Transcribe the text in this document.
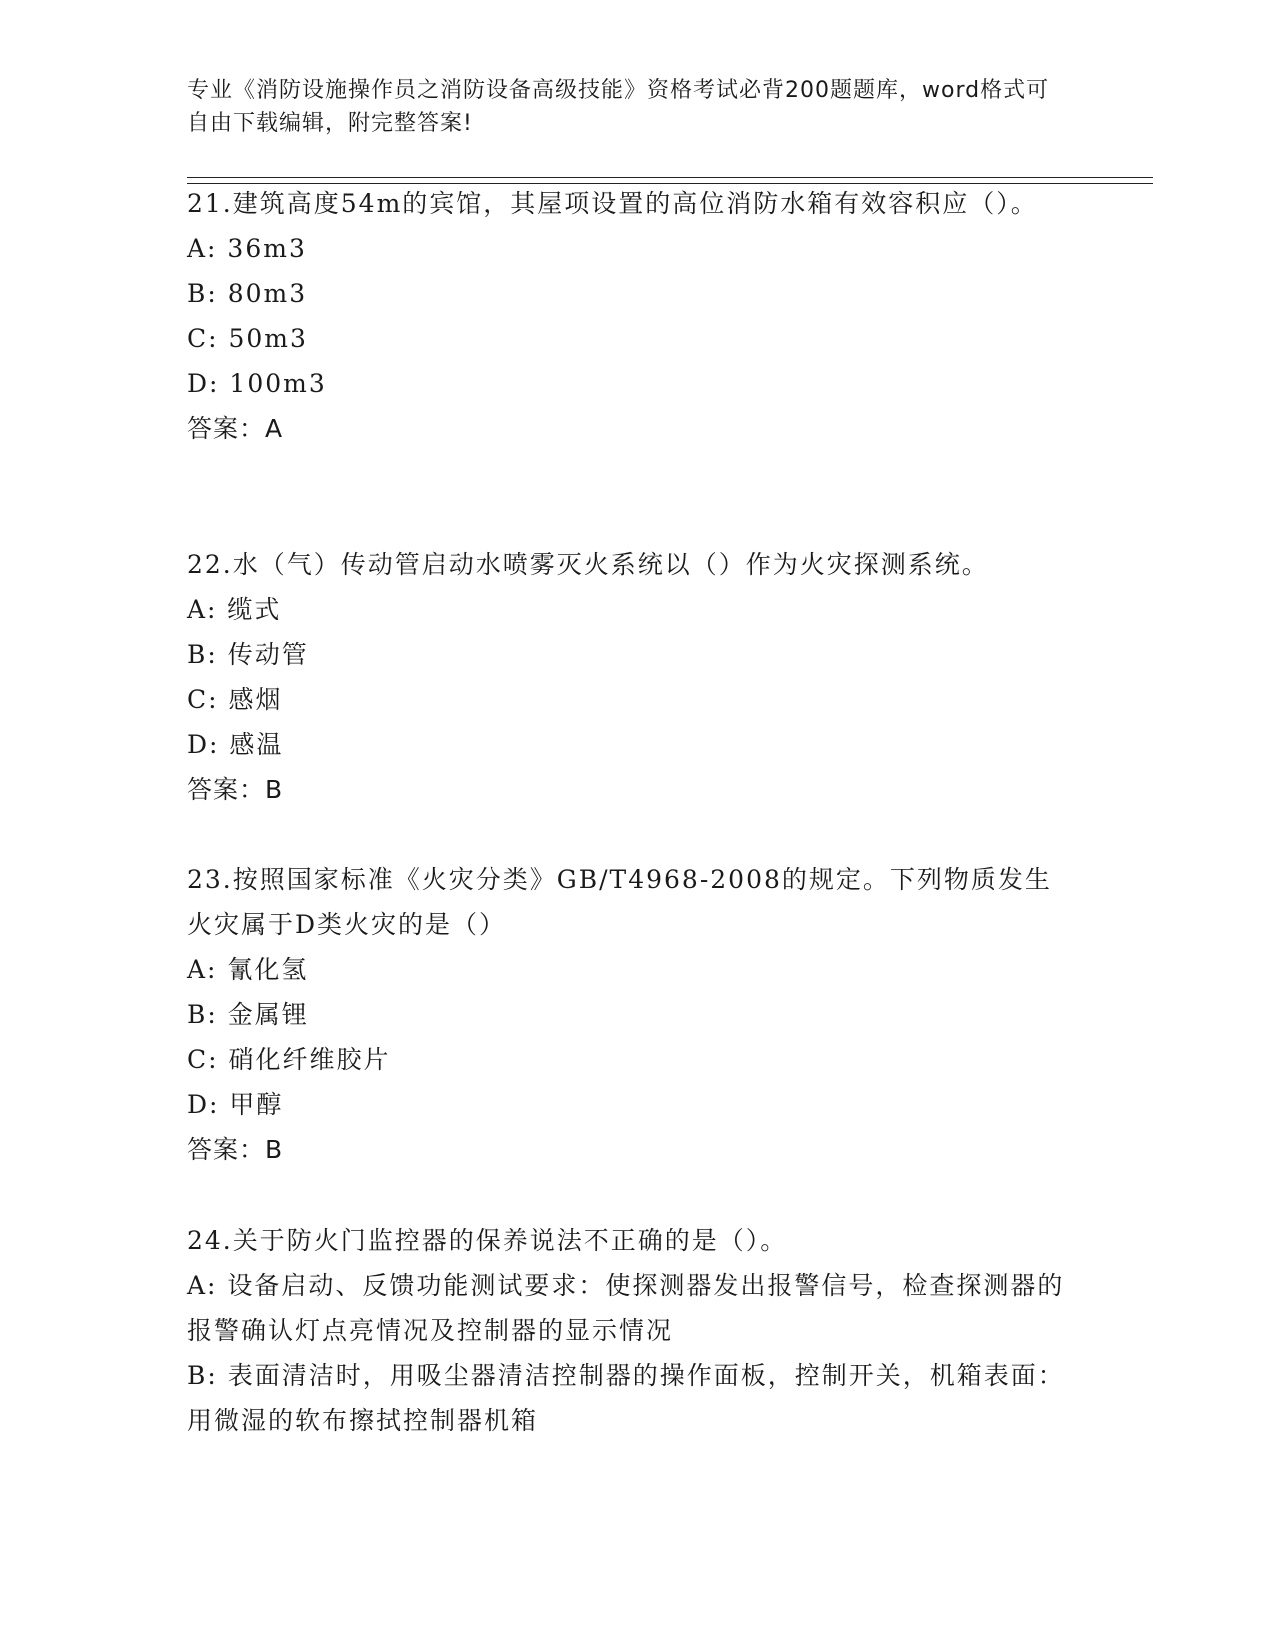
专业《消防设施操作员之消防设备高级技能》资格考试必背200题题库，word格式可自由下载编辑，附完整答案!
21.建筑高度54m的宾馆，其屋项设置的高位消防水箱有效容积应（）。
A: 36m3
B: 80m3
C: 50m3
D: 100m3
答案：A
22.水（气）传动管启动水喷雾灭火系统以（）作为火灾探测系统。
A: 缆式
B: 传动管
C: 感烟
D: 感温
答案：B
23.按照国家标准《火灾分类》GB/T4968-2008的规定。下列物质发生火灾属于D类火灾的是（）
A: 氰化氢
B: 金属锂
C: 硝化纤维胶片
D: 甲醇
答案：B
24.关于防火门监控器的保养说法不正确的是（）。
A: 设备启动、反馈功能测试要求：使探测器发出报警信号，检查探测器的报警确认灯点亮情况及控制器的显示情况
B: 表面清洁时，用吸尘器清洁控制器的操作面板，控制开关，机箱表面：用微湿的软布擦拭控制器机箱
